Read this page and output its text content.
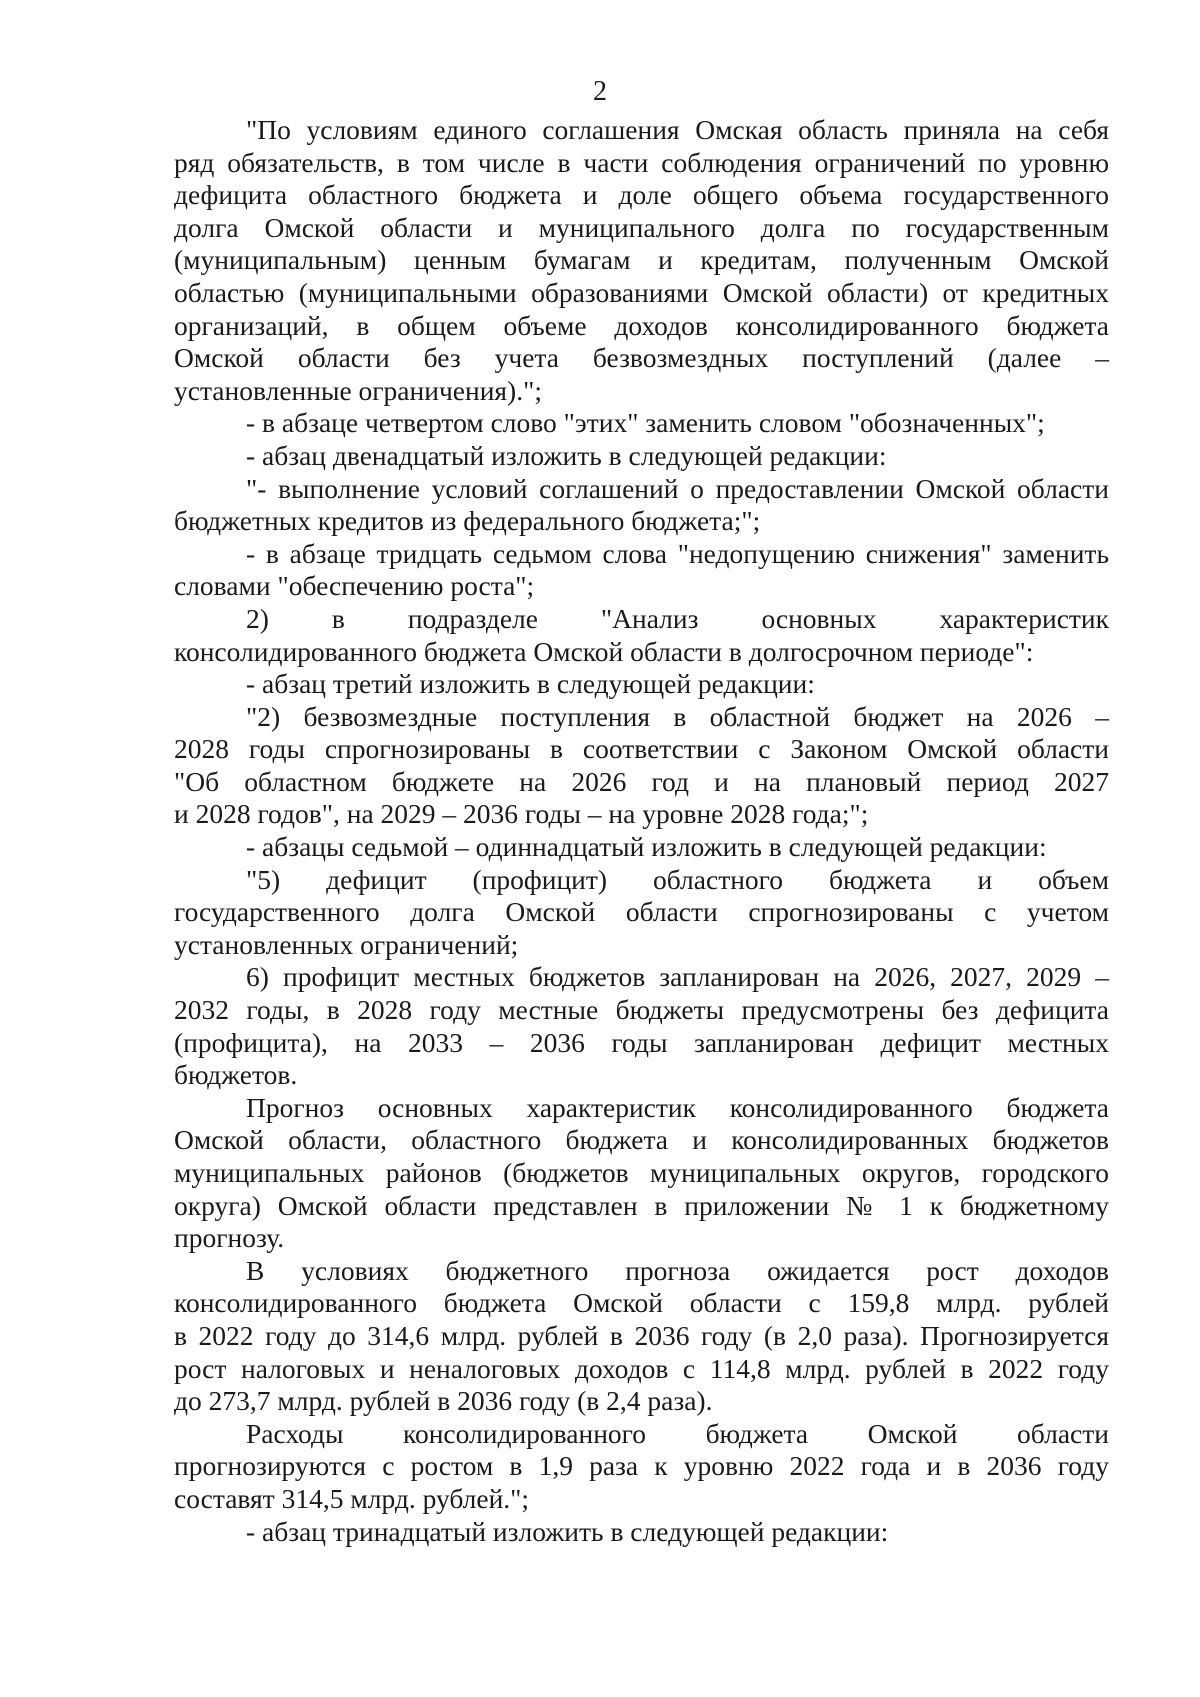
2
"По условиям единого соглашения Омская область приняла на себя
ряд обязательств, в том числе в части соблюдения ограничений по уровню
дефицита областного бюджета и доле общего объема государственного
долга Омской области и муниципального долга по государственным
(муниципальным) ценным бумагам и кредитам, полученным Омской
областью (муниципальными образованиями Омской области) от кредитных
организаций, в общем объеме доходов консолидированного бюджета
Омской области без учета безвозмездных поступлений (далее –
установленные ограничения).";
- в абзаце четвертом слово "этих" заменить словом "обозначенных";
- абзац двенадцатый изложить в следующей редакции:
"- выполнение условий соглашений о предоставлении Омской области
бюджетных кредитов из федерального бюджета;";
- в абзаце тридцать седьмом слова "недопущению снижения" заменить
словами "обеспечению роста";
2) в подразделе "Анализ основных характеристик
консолидированного бюджета Омской области в долгосрочном периоде":
- абзац третий изложить в следующей редакции:
"2) безвозмездные поступления в областной бюджет на 2026 –
2028 годы спрогнозированы в соответствии с Законом Омской области
"Об областном бюджете на 2026 год и на плановый период 2027
и 2028 годов", на 2029 – 2036 годы – на уровне 2028 года;";
- абзацы седьмой – одиннадцатый изложить в следующей редакции:
"5) дефицит (профицит) областного бюджета и объем
государственного долга Омской области спрогнозированы с учетом
установленных ограничений;
6) профицит местных бюджетов запланирован на 2026, 2027, 2029 –
2032 годы, в 2028 году местные бюджеты предусмотрены без дефицита
(профицита), на 2033 – 2036 годы запланирован дефицит местных
бюджетов.
Прогноз основных характеристик консолидированного бюджета
Омской области, областного бюджета и консолидированных бюджетов
муниципальных районов (бюджетов муниципальных округов, городского
округа) Омской области представлен в приложении № 1 к бюджетному
прогнозу.
В условиях бюджетного прогноза ожидается рост доходов
консолидированного бюджета Омской области с 159,8 млрд. рублей
в 2022 году до 314,6 млрд. рублей в 2036 году (в 2,0 раза). Прогнозируется
рост налоговых и неналоговых доходов с 114,8 млрд. рублей в 2022 году
до 273,7 млрд. рублей в 2036 году (в 2,4 раза).
Расходы консолидированного бюджета Омской области
прогнозируются с ростом в 1,9 раза к уровню 2022 года и в 2036 году
составят 314,5 млрд. рублей.";
- абзац тринадцатый изложить в следующей редакции:
